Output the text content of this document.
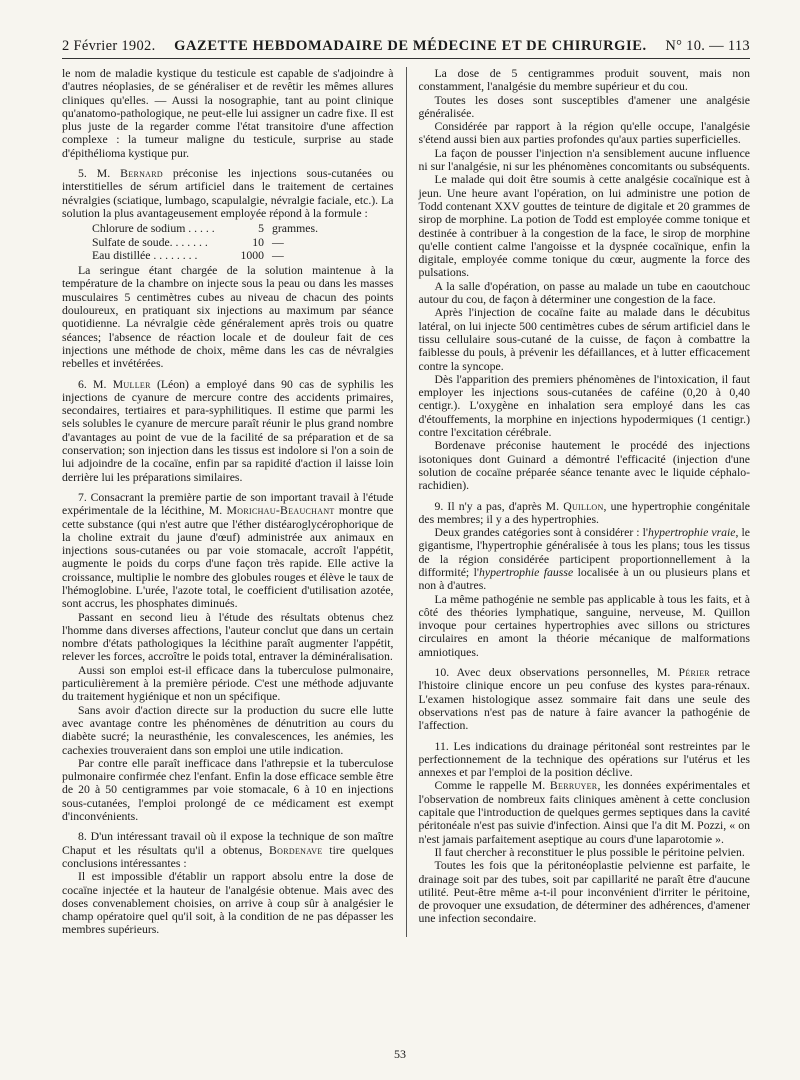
2 Février 1902. GAZETTE HEBDOMADAIRE DE MÉDECINE ET DE CHIRURGIE. N° 10. — 113

le nom de maladie kystique du testicule est capable de s'adjoindre à d'autres néoplasies, de se généraliser et de revêtir les mêmes allures cliniques qu'elles. — Aussi la nosographie, tant au point clinique qu'anatomo-pathologique, ne peut-elle lui assigner un cadre fixe. Il est plus juste de la regarder comme l'état transitoire d'une affection complexe : la tumeur maligne du testicule, surprise au stade d'épithélioma kystique pur.

5. M. Bernard préconise les injections sous-cutanées ou interstitielles de sérum artificiel dans le traitement de certaines névralgies (sciatique, lumbago, scapulalgie, névralgie faciale, etc.). La solution la plus avantageusement employée répond à la formule :

Chlorure de sodium . . . . .	5 grammes.
Sulfate de soude. . . . . . .	10 —
Eau distillée . . . . . . . .	1000 —

La seringue étant chargée de la solution maintenue à la température de la chambre on injecte sous la peau ou dans les masses musculaires 5 centimètres cubes au niveau de chacun des points douloureux, en pratiquant six injections au maximum par séance quotidienne. La névralgie cède généralement après trois ou quatre séances; l'absence de réaction locale et de douleur fait de ces injections une méthode de choix, même dans les cas de névralgies rebelles et invétérées.

6. M. Muller (Léon) a employé dans 90 cas de syphilis les injections de cyanure de mercure contre des accidents primaires, secondaires, tertiaires et para-syphilitiques. Il estime que parmi les sels solubles le cyanure de mercure paraît réunir le plus grand nombre d'avantages au point de vue de la facilité de sa préparation et de sa conservation; son injection dans les tissus est indolore si l'on a soin de lui adjoindre de la cocaïne, enfin par sa rapidité d'action il laisse loin derrière lui les préparations similaires.

7. Consacrant la première partie de son important travail à l'étude expérimentale de la lécithine, M. Morichau-Beauchant montre que cette substance (qui n'est autre que l'éther distéaroglycérophorique de la choline extrait du jaune d'œuf) administrée aux animaux en injections sous-cutanées ou par voie stomacale, accroît l'appétit, augmente le poids du corps d'une façon très rapide. Elle active la croissance, multiplie le nombre des globules rouges et élève le taux de l'hémoglobine. L'urée, l'azote total, le coefficient d'utilisation azotée, sont accrus, les phosphates diminués.

Passant en second lieu à l'étude des résultats obtenus chez l'homme dans diverses affections, l'auteur conclut que dans un certain nombre d'états pathologiques la lécithine paraît augmenter l'appétit, relever les forces, accroître le poids total, entraver la déminéralisation.

Aussi son emploi est-il efficace dans la tuberculose pulmonaire, particulièrement à la première période. C'est une méthode adjuvante du traitement hygiénique et non un spécifique.

Sans avoir d'action directe sur la production du sucre elle lutte avec avantage contre les phénomènes de dénutrition au cours du diabète sucré; la neurasthénie, les convalescences, les anémies, les cachexies trouveraient dans son emploi une utile indication.

Par contre elle paraît inefficace dans l'athrepsie et la tuberculose pulmonaire confirmée chez l'enfant. Enfin la dose efficace semble être de 20 à 50 centigrammes par voie stomacale, 6 à 10 en injections sous-cutanées, l'emploi prolongé de ce médicament est exempt d'inconvénients.

8. D'un intéressant travail où il expose la technique de son maître Chaput et les résultats qu'il a obtenus, Bordenave tire quelques conclusions intéressantes :

Il est impossible d'établir un rapport absolu entre la dose de cocaïne injectée et la hauteur de l'analgésie obtenue. Mais avec des doses convenablement choisies, on arrive à coup sûr à analgésier le champ opératoire quel qu'il soit, à la condition de ne pas dépasser les membres supérieurs.

La dose de 5 centigrammes produit souvent, mais non constamment, l'analgésie du membre supérieur et du cou.

Toutes les doses sont susceptibles d'amener une analgésie généralisée.

Considérée par rapport à la région qu'elle occupe, l'analgésie s'étend aussi bien aux parties profondes qu'aux parties superficielles.

La façon de pousser l'injection n'a sensiblement aucune influence ni sur l'analgésie, ni sur les phénomènes concomitants ou subséquents.

Le malade qui doit être soumis à cette analgésie cocaïnique est à jeun. Une heure avant l'opération, on lui administre une potion de Todd contenant XXV gouttes de teinture de digitale et 20 grammes de sirop de morphine. La potion de Todd est employée comme tonique et destinée à contribuer à la congestion de la face, le sirop de morphine qu'elle contient calme l'angoisse et la dyspnée cocaïnique, enfin la digitale, employée comme tonique du cœur, augmente la force des pulsations.

A la salle d'opération, on passe au malade un tube en caoutchouc autour du cou, de façon à déterminer une congestion de la face.

Après l'injection de cocaïne faite au malade dans le décubitus latéral, on lui injecte 500 centimètres cubes de sérum artificiel dans le tissu cellulaire sous-cutané de la cuisse, de façon à combattre la faiblesse du pouls, à prévenir les défaillances, et à lutter efficacement contre la syncope.

Dès l'apparition des premiers phénomènes de l'intoxication, il faut employer les injections sous-cutanées de caféine (0,20 à 0,40 centigr.). L'oxygène en inhalation sera employé dans les cas d'étouffements, la morphine en injections hypodermiques (1 centigr.) contre l'excitation cérébrale.

Bordenave préconise hautement le procédé des injections isotoniques dont Guinard a démontré l'efficacité (injection d'une solution de cocaïne préparée séance tenante avec le liquide céphalo-rachidien).

9. Il n'y a pas, d'après M. Quillon, une hypertrophie congénitale des membres; il y a des hypertrophies.

Deux grandes catégories sont à considérer : l'hypertrophie vraie, le gigantisme, l'hypertrophie généralisée à tous les plans; tous les tissus de la région considérée participent proportionnellement à la difformité; l'hypertrophie fausse localisée à un ou plusieurs plans et non à d'autres.

La même pathogénie ne semble pas applicable à tous les faits, et à côté des théories lymphatique, sanguine, nerveuse, M. Quillon invoque pour certaines hypertrophies avec sillons ou strictures circulaires en amont la théorie mécanique de malformations amniotiques.

10. Avec deux observations personnelles, M. Périer retrace l'histoire clinique encore un peu confuse des kystes para-rénaux. L'examen histologique assez sommaire fait dans une seule des observations n'est pas de nature à faire avancer la pathogénie de l'affection.

11. Les indications du drainage péritonéal sont restreintes par le perfectionnement de la technique des opérations sur l'utérus et les annexes et par l'emploi de la position déclive.

Comme le rappelle M. Berruyer, les données expérimentales et l'observation de nombreux faits cliniques amènent à cette conclusion capitale que l'introduction de quelques germes septiques dans la cavité péritonéale n'est pas suivie d'infection. Ainsi que l'a dit M. Pozzi, « on n'est jamais parfaitement aseptique au cours d'une laparotomie ».

Il faut chercher à reconstituer le plus possible le péritoine pelvien.

Toutes les fois que la péritonéoplastie pelvienne est parfaite, le drainage soit par des tubes, soit par capillarité ne paraît être d'aucune utilité. Peut-être même a-t-il pour inconvénient d'irriter le péritoine, de provoquer une exsudation, de déterminer des adhérences, d'amener une infection secondaire.

53
